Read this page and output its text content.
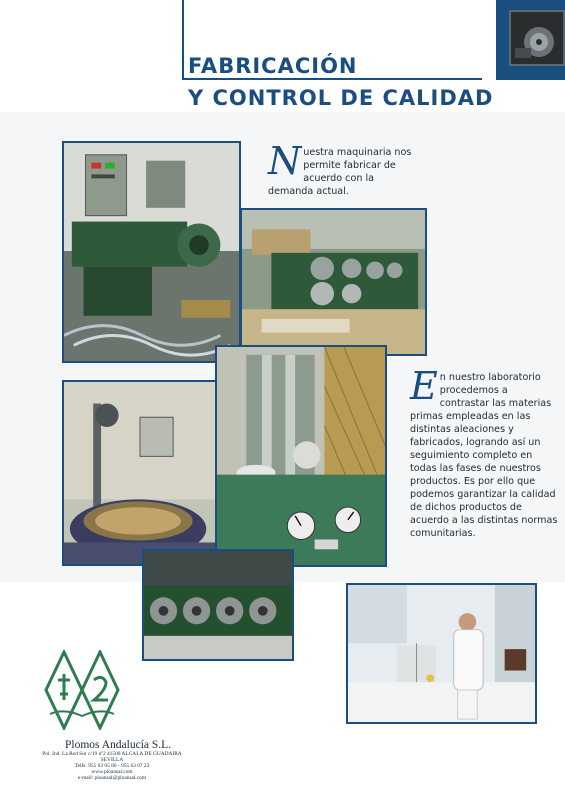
FABRICACIÓN
Y CONTROL DE CALIDAD
Nuestra maquinaria nos permite fabricar de acuerdo con la demanda actual.
En nuestro laboratorio procedemos a contrastar las materias primas empleadas en las distintas aleaciones y fabricados, logrando así un seguimiento completo en todas las fases de nuestros productos. Es por ello que podemos garantizar la calidad de dichos productos de acuerdo a las distintas normas comunitarias.
Plomos Andalucía S.L.
Pol. Ind. La Red Sur c/19 nº2 41500 ALCALA DE GUADAIRA
SEVILLA
Telfs: 955 63 05 86 - 955 63 07 23
www.ploansal.com
e-mail: ploansal@ploansal.com
